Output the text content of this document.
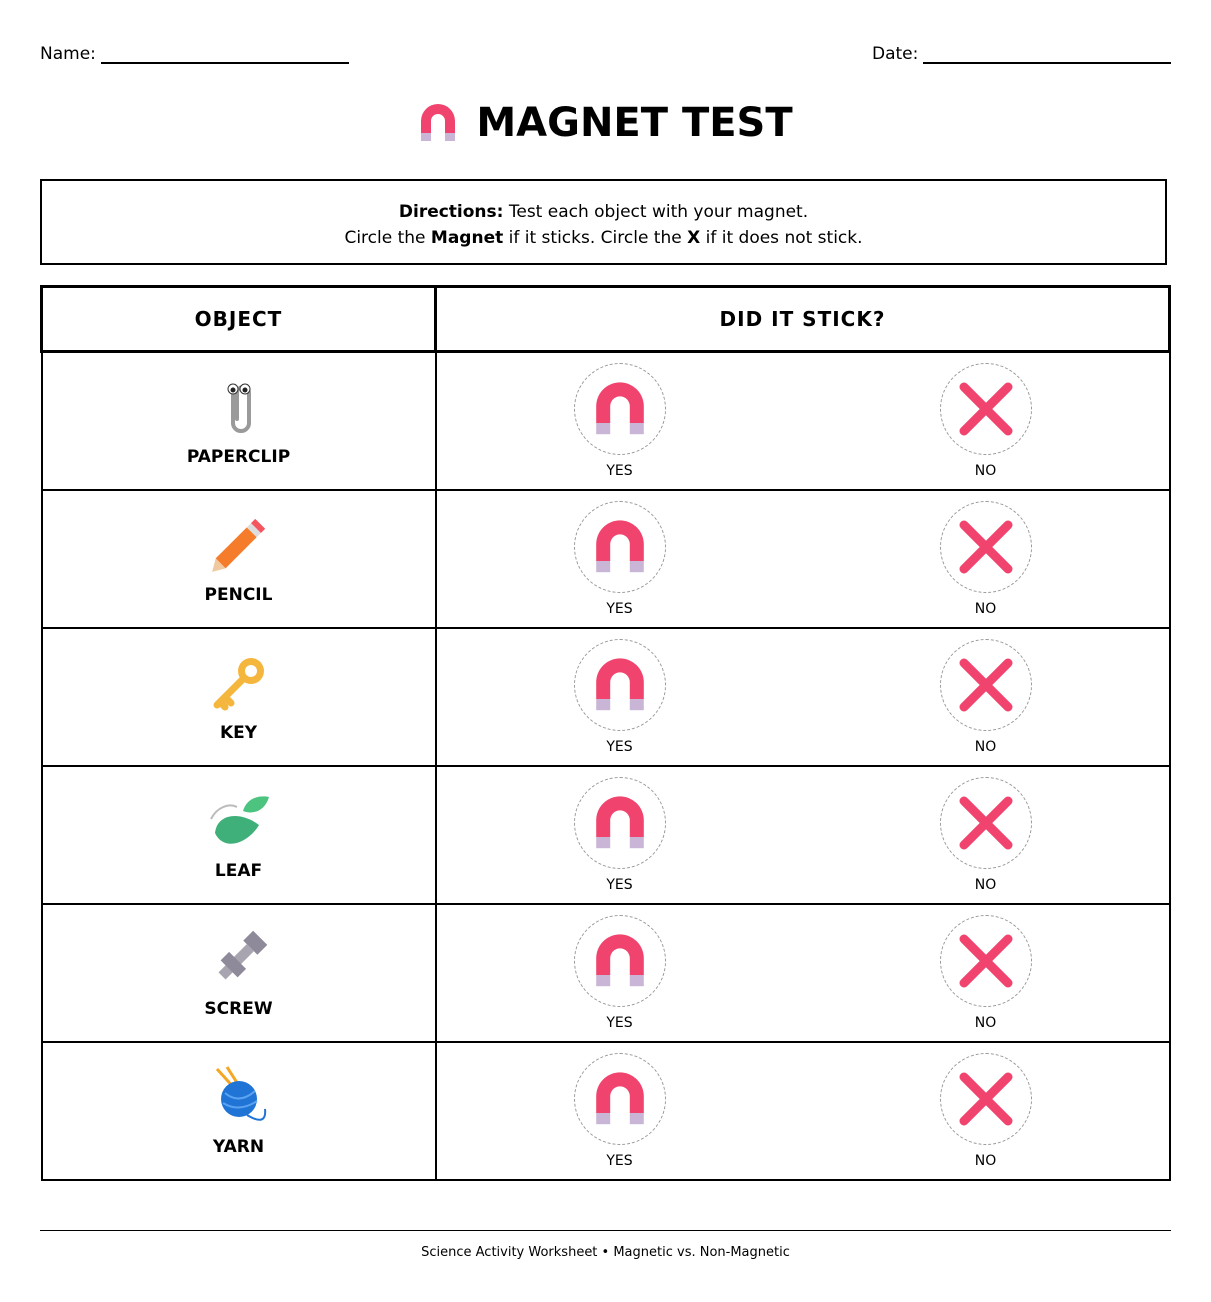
Name:	Date:
MAGNET TEST
Directions: Test each object with your magnet.
Circle the Magnet if it sticks. Circle the X if it does not stick.
OBJECT	DID IT STICK?

PAPERCLIP	YES NO

PENCIL	YES NO

KEY	YES NO

LEAF	YES NO

SCREW	YES NO

YARN	YES NO
Science Activity Worksheet • Magnetic vs. Non-Magnetic
